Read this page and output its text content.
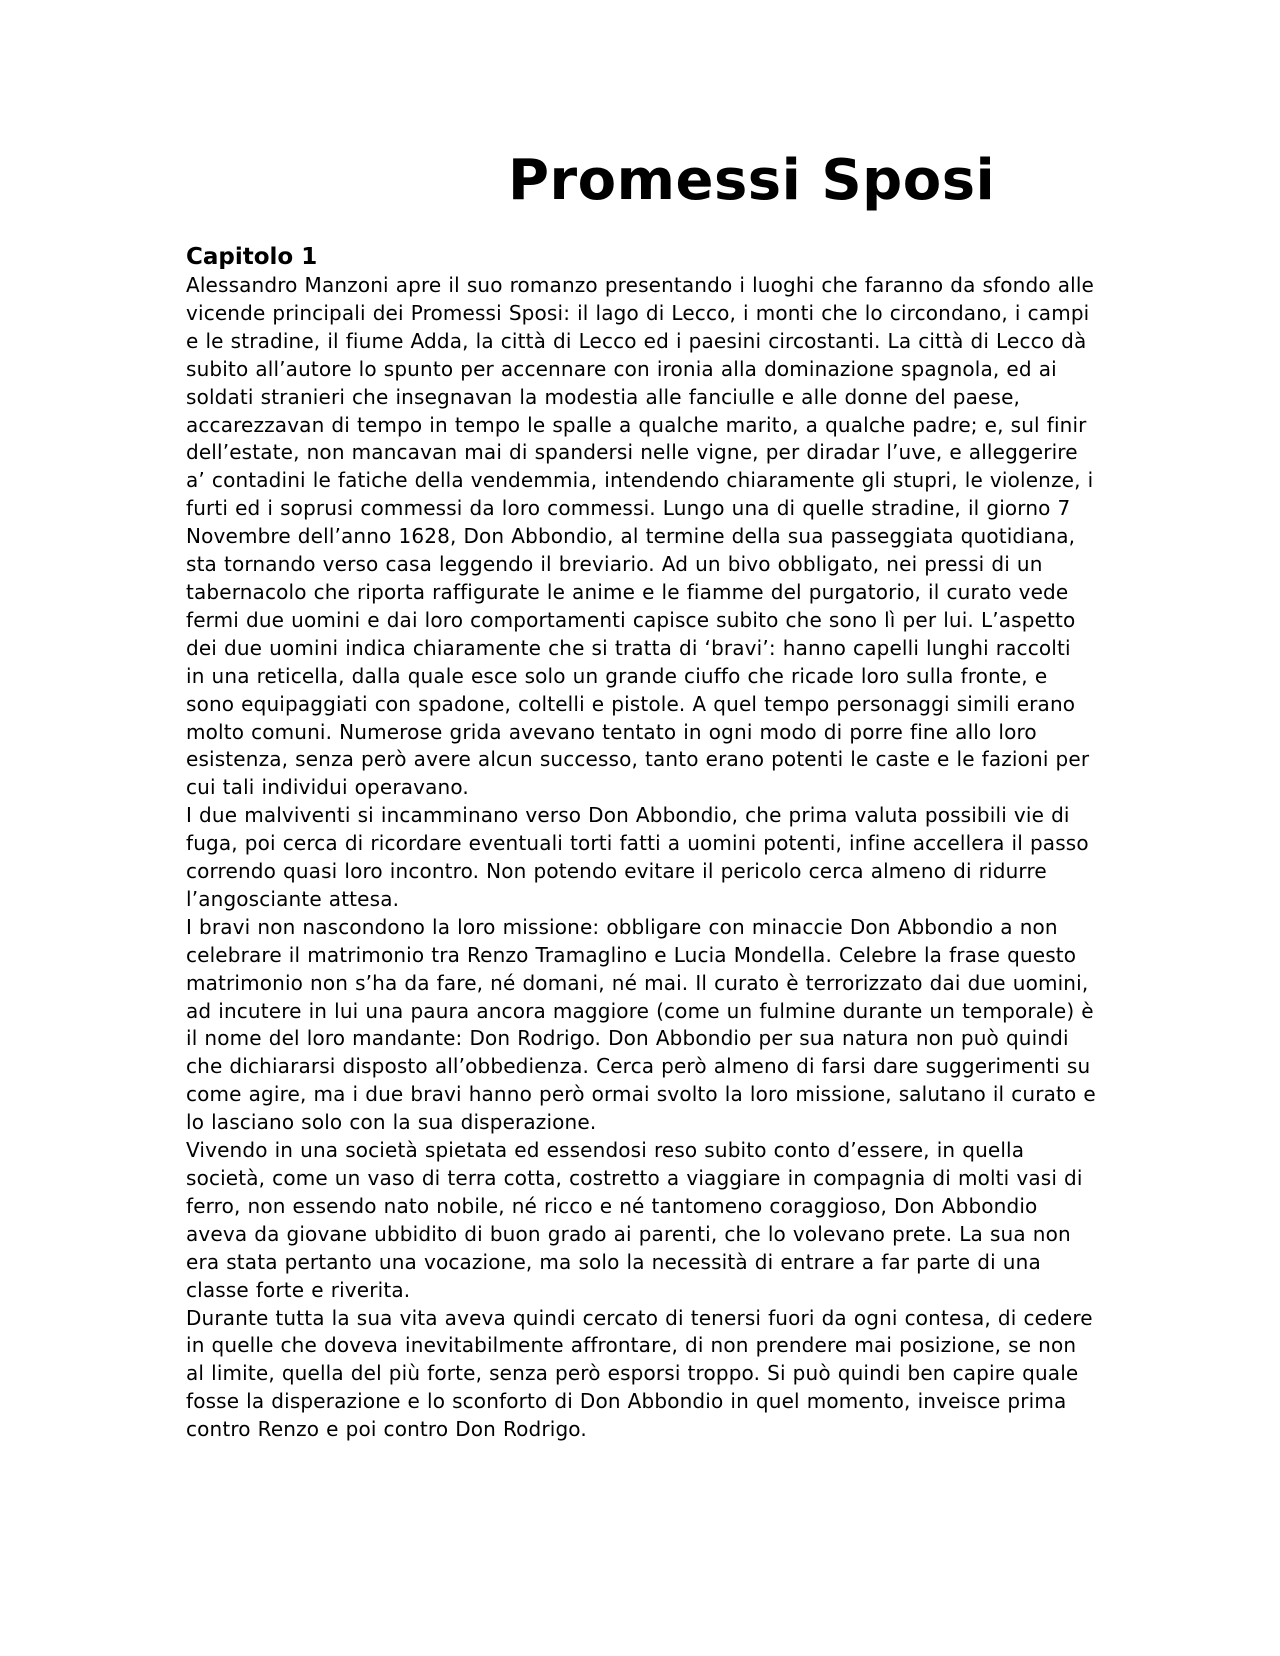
Promessi Sposi
Capitolo 1

Alessandro Manzoni apre il suo romanzo presentando i luoghi che faranno da sfondo alle vicende principali dei Promessi Sposi: il lago di Lecco, i monti che lo circondano, i campi e le stradine, il fiume Adda, la città di Lecco ed i paesini circostanti. La città di Lecco dà subito all’autore lo spunto per accennare con ironia alla dominazione spagnola, ed ai soldati stranieri che insegnavan la modestia alle fanciulle e alle donne del paese, accarezzavan di tempo in tempo le spalle a qualche marito, a qualche padre; e, sul finir dell’estate, non mancavan mai di spandersi nelle vigne, per diradar l’uve, e alleggerire a’ contadini le fatiche della vendemmia, intendendo chiaramente gli stupri, le violenze, i furti ed i soprusi commessi da loro commessi. Lungo una di quelle stradine, il giorno 7 Novembre dell’anno 1628, Don Abbondio, al termine della sua passeggiata quotidiana, sta tornando verso casa leggendo il breviario. Ad un bivo obbligato, nei pressi di un tabernacolo che riporta raffigurate le anime e le fiamme del purgatorio, il curato vede fermi due uomini e dai loro comportamenti capisce subito che sono lì per lui. L’aspetto dei due uomini indica chiaramente che si tratta di ‘bravi’: hanno capelli lunghi raccolti in una reticella, dalla quale esce solo un grande ciuffo che ricade loro sulla fronte, e sono equipaggiati con spadone, coltelli e pistole. A quel tempo personaggi simili erano molto comuni. Numerose grida avevano tentato in ogni modo di porre fine allo loro esistenza, senza però avere alcun successo, tanto erano potenti le caste e le fazioni per cui tali individui operavano.

I due malviventi si incamminano verso Don Abbondio, che prima valuta possibili vie di fuga, poi cerca di ricordare eventuali torti fatti a uomini potenti, infine accellera il passo correndo quasi loro incontro. Non potendo evitare il pericolo cerca almeno di ridurre l’angosciante attesa.

I bravi non nascondono la loro missione: obbligare con minaccie Don Abbondio a non celebrare il matrimonio tra Renzo Tramaglino e Lucia Mondella. Celebre la frase questo matrimonio non s’ha da fare, né domani, né mai. Il curato è terrorizzato dai due uomini, ad incutere in lui una paura ancora maggiore (come un fulmine durante un temporale) è il nome del loro mandante: Don Rodrigo. Don Abbondio per sua natura non può quindi che dichiararsi disposto all’obbedienza. Cerca però almeno di farsi dare suggerimenti su come agire, ma i due bravi hanno però ormai svolto la loro missione, salutano il curato e lo lasciano solo con la sua disperazione.

Vivendo in una società spietata ed essendosi reso subito conto d’essere, in quella società, come un vaso di terra cotta, costretto a viaggiare in compagnia di molti vasi di ferro, non essendo nato nobile, né ricco e né tantomeno coraggioso, Don Abbondio aveva da giovane ubbidito di buon grado ai parenti, che lo volevano prete. La sua non era stata pertanto una vocazione, ma solo la necessità di entrare a far parte di una classe forte e riverita.

Durante tutta la sua vita aveva quindi cercato di tenersi fuori da ogni contesa, di cedere in quelle che doveva inevitabilmente affrontare, di non prendere mai posizione, se non al limite, quella del più forte, senza però esporsi troppo. Si può quindi ben capire quale fosse la disperazione e lo sconforto di Don Abbondio in quel momento, inveisce prima contro Renzo e poi contro Don Rodrigo.
